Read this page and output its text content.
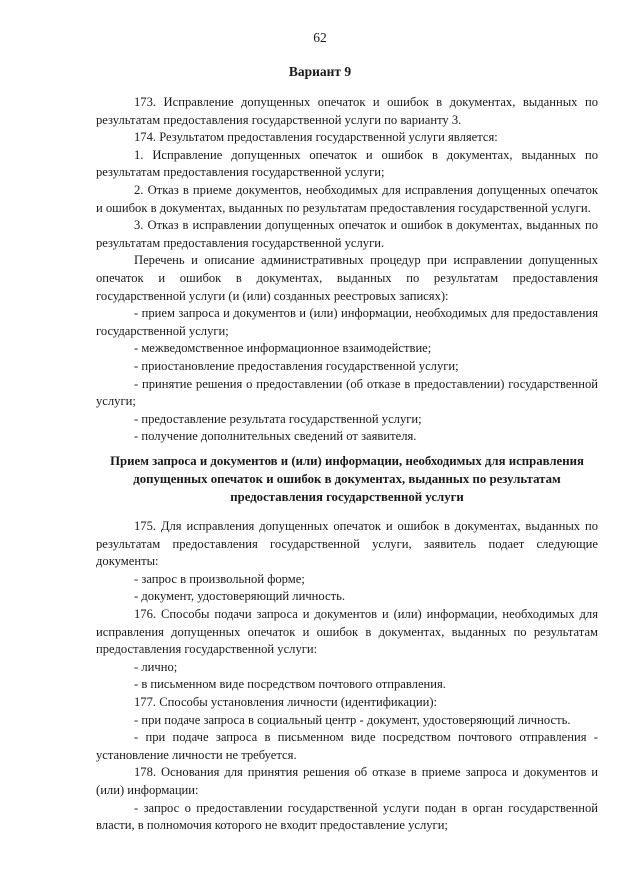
62
Вариант 9

173. Исправление допущенных опечаток и ошибок в документах, выданных по результатам предоставления государственной услуги по варианту 3.

174. Результатом предоставления государственной услуги является:

1. Исправление допущенных опечаток и ошибок в документах, выданных по результатам предоставления государственной услуги;

2. Отказ в приеме документов, необходимых для исправления допущенных опечаток и ошибок в документах, выданных по результатам предоставления государственной услуги.

3. Отказ в исправлении допущенных опечаток и ошибок в документах, выданных по результатам предоставления государственной услуги.

Перечень и описание административных процедур при исправлении допущенных опечаток и ошибок в документах, выданных по результатам предоставления государственной услуги (и (или) созданных реестровых записях):

- прием запроса и документов и (или) информации, необходимых для предоставления государственной услуги;

- межведомственное информационное взаимодействие;

- приостановление предоставления государственной услуги;

- принятие решения о предоставлении (об отказе в предоставлении) государственной услуги;

- предоставление результата государственной услуги;

- получение дополнительных сведений от заявителя.

Прием запроса и документов и (или) информации, необходимых для исправления допущенных опечаток и ошибок в документах, выданных по результатам предоставления государственной услуги

175. Для исправления допущенных опечаток и ошибок в документах, выданных по результатам предоставления государственной услуги, заявитель подает следующие документы:

- запрос в произвольной форме;

- документ, удостоверяющий личность.

176. Способы подачи запроса и документов и (или) информации, необходимых для исправления допущенных опечаток и ошибок в документах, выданных по результатам предоставления государственной услуги:

- лично;

- в письменном виде посредством почтового отправления.

177. Способы установления личности (идентификации):

- при подаче запроса в социальный центр - документ, удостоверяющий личность.

- при подаче запроса в письменном виде посредством почтового отправления - установление личности не требуется.

178. Основания для принятия решения об отказе в приеме запроса и документов и (или) информации:

- запрос о предоставлении государственной услуги подан в орган государственной власти, в полномочия которого не входит предоставление услуги;
